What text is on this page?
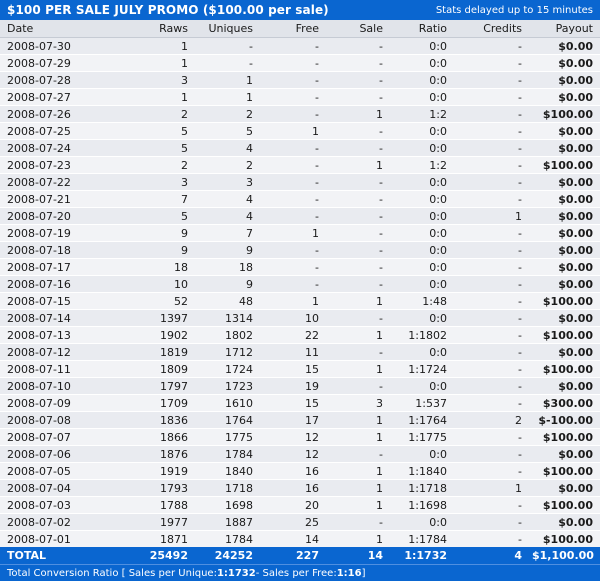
$100 PER SALE JULY PROMO ($100.00 per sale)	Stats delayed up to 15 minutes
Date	Raws	Uniques	Free	Sale	Ratio	Credits	Payout
2008-07-30	1	-	-	-	0:0	-	$0.00
2008-07-29	1	-	-	-	0:0	-	$0.00
2008-07-28	3	1	-	-	0:0	-	$0.00
2008-07-27	1	1	-	-	0:0	-	$0.00
2008-07-26	2	2	-	1	1:2	-	$100.00
2008-07-25	5	5	1	-	0:0	-	$0.00
2008-07-24	5	4	-	-	0:0	-	$0.00
2008-07-23	2	2	-	1	1:2	-	$100.00
2008-07-22	3	3	-	-	0:0	-	$0.00
2008-07-21	7	4	-	-	0:0	-	$0.00
2008-07-20	5	4	-	-	0:0	1	$0.00
2008-07-19	9	7	1	-	0:0	-	$0.00
2008-07-18	9	9	-	-	0:0	-	$0.00
2008-07-17	18	18	-	-	0:0	-	$0.00
2008-07-16	10	9	-	-	0:0	-	$0.00
2008-07-15	52	48	1	1	1:48	-	$100.00
2008-07-14	1397	1314	10	-	0:0	-	$0.00
2008-07-13	1902	1802	22	1	1:1802	-	$100.00
2008-07-12	1819	1712	11	-	0:0	-	$0.00
2008-07-11	1809	1724	15	1	1:1724	-	$100.00
2008-07-10	1797	1723	19	-	0:0	-	$0.00
2008-07-09	1709	1610	15	3	1:537	-	$300.00
2008-07-08	1836	1764	17	1	1:1764	2	$-100.00
2008-07-07	1866	1775	12	1	1:1775	-	$100.00
2008-07-06	1876	1784	12	-	0:0	-	$0.00
2008-07-05	1919	1840	16	1	1:1840	-	$100.00
2008-07-04	1793	1718	16	1	1:1718	1	$0.00
2008-07-03	1788	1698	20	1	1:1698	-	$100.00
2008-07-02	1977	1887	25	-	0:0	-	$0.00
2008-07-01	1871	1784	14	1	1:1784	-	$100.00
TOTAL	25492	24252	227	14	1:1732	4 $1,100.00
Total Conversion Ratio [ Sales per Unique: 1:1732 - Sales per Free: 1:16 ]
